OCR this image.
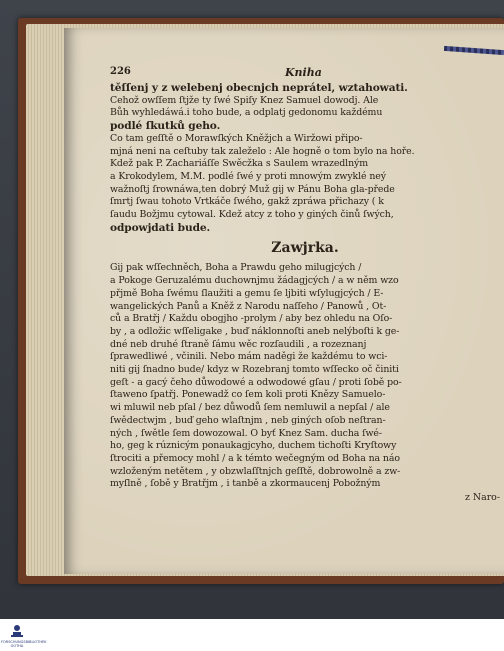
226	Kniha
těſſenj y z welebenj obecnjch neprátel, wztahowati.
Cehož owſſem ſtjže ty ſwé Spiſy Knez Samuel dowodj. Ale
Bůh wyhledáwá.i toho bude, a odplatj gedonomu každému
podlé ſkutků geho.
Co tam geſſtě o Morawſkých Kněžjch a Wiržowi připo-
mjná neni na ceſtuby tak zaleželo : Ale hogně o tom bylo na hoře.
Kdež pak P. Zachariáſſe Swěcžka s Saulem wrazedlným
a Krokodylem, M.M. podlé ſwé y proti mnowým zwyklé neý
wažnoſtj ſrownáwa,ten dobrý Muž gij w Pánu Boha gla-přede
ſmrtj ſwau tohoto Vrtkáče ſwého, gakž zpráwa přichazy ( k
ſaudu Božjmu cytowal. Kdež atcy z toho y giných činů ſwých,
odpowjdati bude.
Zawjrka.
Gij pak wſſechněch, Boha a Prawdu geho milugjcých /
a Pokoge Geruzalému duchownjmu žádagjcých / a w něm wzo
přjmě Boha ſwému ſlaužiti a gemu ſe ljbiti wſylugjcých / E-
wangelických Panů a Kněž z Narodu naſſeho / Panowů , Ot-
ců a Bratřj / Každu obogjho -prolym / aby bez ohledu na Oſo-
by , a odložic wſſeligake , buď náklonnoſti aneb nelýboſti k ge-
dné neb druhé ſtraně ſámu wěc rozſaudili , a rozeznanj
ſprawedliwé , včinili. Nebo mám naděgi že každému to wci-
niti gij ſnadno bude/ kdyz w Rozebranj tomto wſſecko oč činiti
geſt - a gacý čeho důwodowé a odwodowé gſau / proti ſobě po-
ſtaweno ſpatřj. Ponewadž co ſem koli proti Knězy Samuelo-
wi mluwil neb pſal / bez důwodů ſem nemluwil a nepſal / ale
ſwědectwjm , buď geho wlaſtnjm , neb giných oſob neſtran-
ných , ſwětle ſem dowozowal. O byť Knez Sam. ducha ſwé-
ho, geg k rúznicým ponaukagjcyho, duchem tichoſti Kryſtowy
ſtrociti a přemocy mohl / a k témto wečegným od Boha na náo
wzloženým netětem , y obzwlaſſtnjch geſſtě, dobrowolně a zw-
myſlně , ſobě y Bratřjm , i tanbě a zkormaucenj Pobožným
z Naro-
FORSCHUNGSBIBLIOTHEK GOTHA
